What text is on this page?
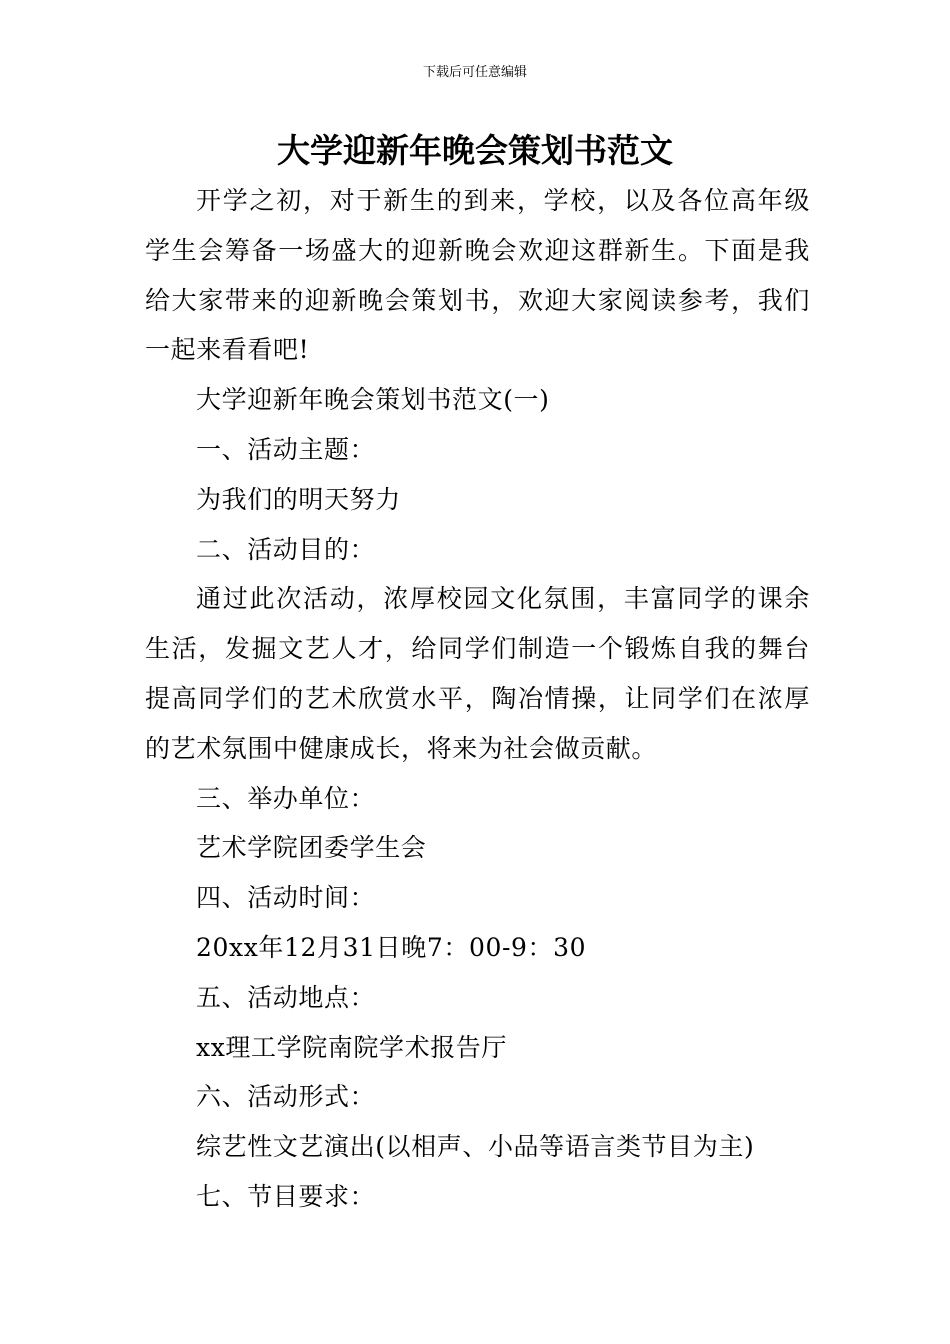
下载后可任意编辑
大学迎新年晚会策划书范文

开学之初，对于新生的到来，学校，以及各位高年级学生会筹备一场盛大的迎新晚会欢迎这群新生。下面是我给大家带来的迎新晚会策划书，欢迎大家阅读参考，我们一起来看看吧!

大学迎新年晚会策划书范文(一)

一、活动主题：

为我们的明天努力

二、活动目的：

通过此次活动，浓厚校园文化氛围，丰富同学的课余生活，发掘文艺人才，给同学们制造一个锻炼自我的舞台提高同学们的艺术欣赏水平，陶冶情操，让同学们在浓厚的艺术氛围中健康成长，将来为社会做贡献。

三、举办单位：

艺术学院团委学生会

四、活动时间：

20xx年12月31日晚7：00-9：30

五、活动地点：

xx理工学院南院学术报告厅

六、活动形式：

综艺性文艺演出(以相声、小品等语言类节目为主)

七、节目要求：
